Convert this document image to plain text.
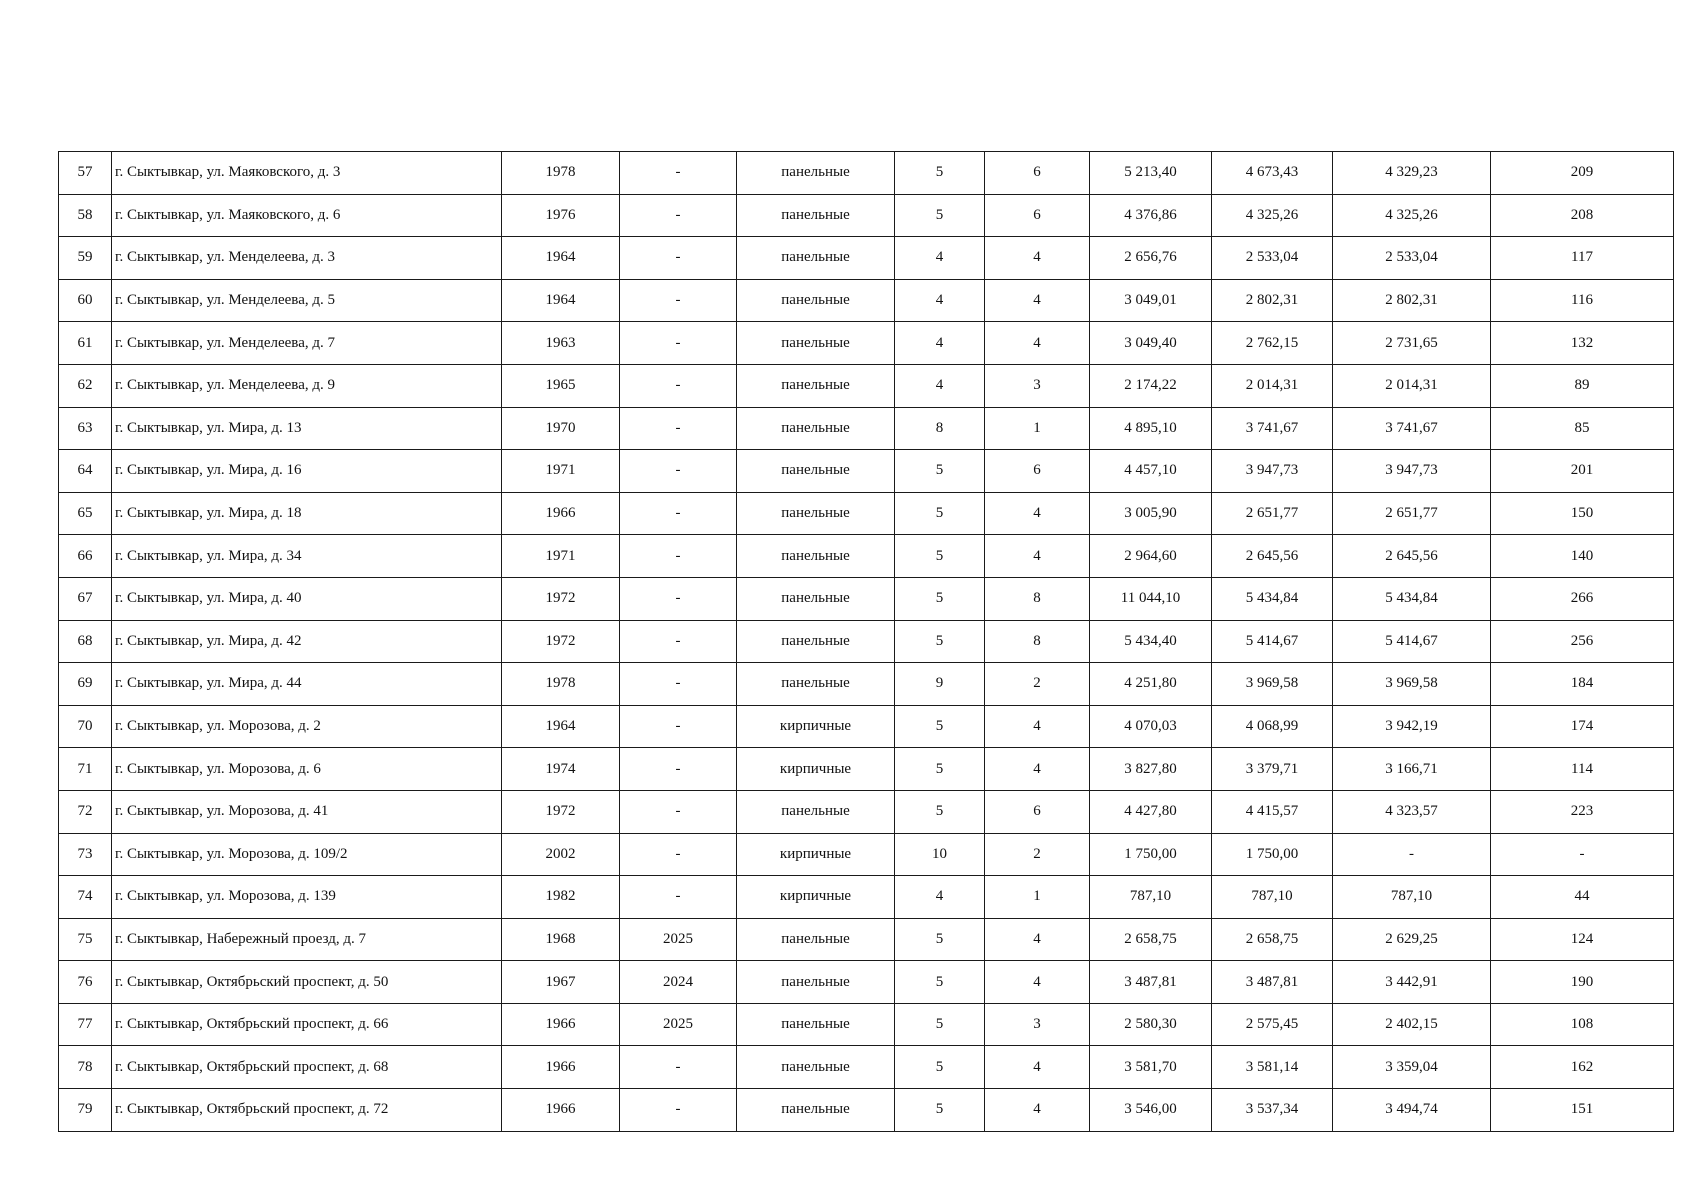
57	г. Сыктывкар, ул. Маяковского, д. 3	1978	-	панельные	5	6	5 213,40	4 673,43	4 329,23	209
58	г. Сыктывкар, ул. Маяковского, д. 6	1976	-	панельные	5	6	4 376,86	4 325,26	4 325,26	208
59	г. Сыктывкар, ул. Менделеева, д. 3	1964	-	панельные	4	4	2 656,76	2 533,04	2 533,04	117
60	г. Сыктывкар, ул. Менделеева, д. 5	1964	-	панельные	4	4	3 049,01	2 802,31	2 802,31	116
61	г. Сыктывкар, ул. Менделеева, д. 7	1963	-	панельные	4	4	3 049,40	2 762,15	2 731,65	132
62	г. Сыктывкар, ул. Менделеева, д. 9	1965	-	панельные	4	3	2 174,22	2 014,31	2 014,31	89
63	г. Сыктывкар, ул. Мира, д. 13	1970	-	панельные	8	1	4 895,10	3 741,67	3 741,67	85
64	г. Сыктывкар, ул. Мира, д. 16	1971	-	панельные	5	6	4 457,10	3 947,73	3 947,73	201
65	г. Сыктывкар, ул. Мира, д. 18	1966	-	панельные	5	4	3 005,90	2 651,77	2 651,77	150
66	г. Сыктывкар, ул. Мира, д. 34	1971	-	панельные	5	4	2 964,60	2 645,56	2 645,56	140
67	г. Сыктывкар, ул. Мира, д. 40	1972	-	панельные	5	8	11 044,10	5 434,84	5 434,84	266
68	г. Сыктывкар, ул. Мира, д. 42	1972	-	панельные	5	8	5 434,40	5 414,67	5 414,67	256
69	г. Сыктывкар, ул. Мира, д. 44	1978	-	панельные	9	2	4 251,80	3 969,58	3 969,58	184
70	г. Сыктывкар, ул. Морозова, д. 2	1964	-	кирпичные	5	4	4 070,03	4 068,99	3 942,19	174
71	г. Сыктывкар, ул. Морозова, д. 6	1974	-	кирпичные	5	4	3 827,80	3 379,71	3 166,71	114
72	г. Сыктывкар, ул. Морозова, д. 41	1972	-	панельные	5	6	4 427,80	4 415,57	4 323,57	223
73	г. Сыктывкар, ул. Морозова, д. 109/2	2002	-	кирпичные	10	2	1 750,00	1 750,00	-	-
74	г. Сыктывкар, ул. Морозова, д. 139	1982	-	кирпичные	4	1	787,10	787,10	787,10	44
75	г. Сыктывкар, Набережный проезд, д. 7	1968	2025	панельные	5	4	2 658,75	2 658,75	2 629,25	124
76	г. Сыктывкар, Октябрьский проспект, д. 50	1967	2024	панельные	5	4	3 487,81	3 487,81	3 442,91	190
77	г. Сыктывкар, Октябрьский проспект, д. 66	1966	2025	панельные	5	3	2 580,30	2 575,45	2 402,15	108
78	г. Сыктывкар, Октябрьский проспект, д. 68	1966	-	панельные	5	4	3 581,70	3 581,14	3 359,04	162
79	г. Сыктывкар, Октябрьский проспект, д. 72	1966	-	панельные	5	4	3 546,00	3 537,34	3 494,74	151
